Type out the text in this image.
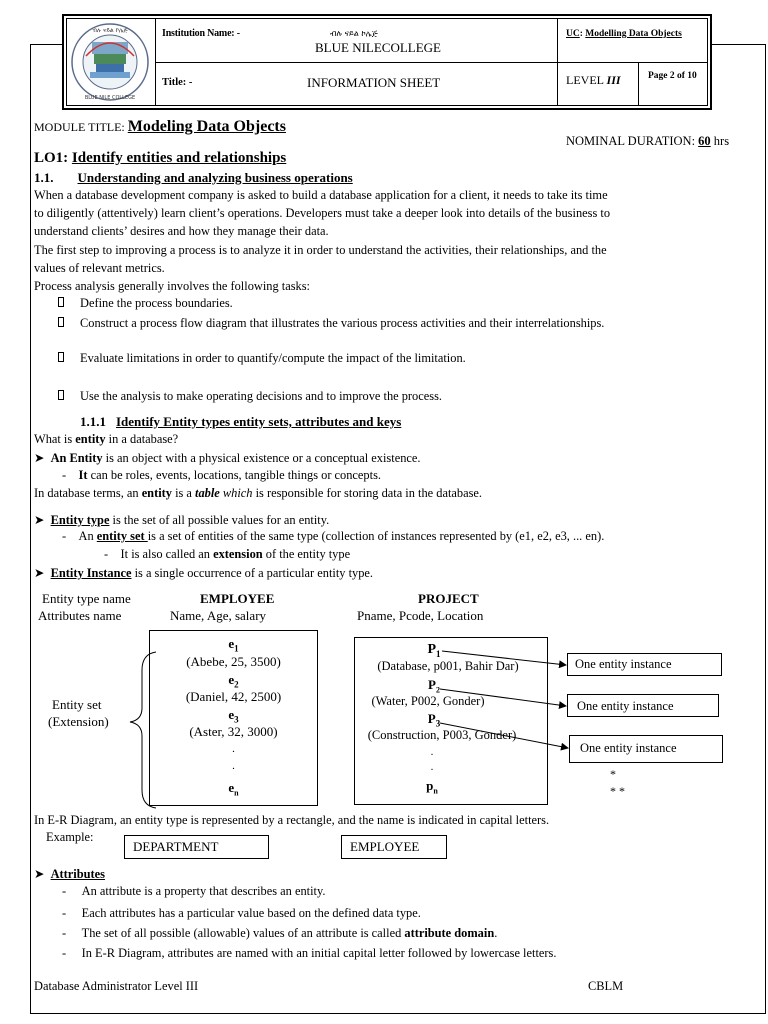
ብሉ ናይል ኮሌጅ
BLUE NILE COLLEGE
Institution Name: -	ብሉ ናይል ኮሌጅ
BLUE NILECOLLEGE
UC: Modelling Data Objects
Title: -	INFORMATION SHEET	LEVEL III	Page 2 of 10
MODULE TITLE: Modeling Data Objects
NOMINAL DURATION: 60 hrs
LO1: Identify entities and relationships
1.1. Understanding and analyzing business operations
When a database development company is asked to build a database application for a client, it needs to take its time
to diligently (attentively) learn client’s operations. Developers must take a deeper look into details of the business to
understand clients’ desires and how they manage their data.
The first step to improving a process is to analyze it in order to understand the activities, their relationships, and the
values of relevant metrics.
Process analysis generally involves the following tasks:
Define the process boundaries.
Construct a process flow diagram that illustrates the various process activities and their interrelationships.
Evaluate limitations in order to quantify/compute the impact of the limitation.
Use the analysis to make operating decisions and to improve the process.
1.1.1 Identify Entity types entity sets, attributes and keys
What is entity in a database?
➤ An Entity is an object with a physical existence or a conceptual existence.
- It can be roles, events, locations, tangible things or concepts.
In database terms, an entity is a table which is responsible for storing data in the database.
➤ Entity type is the set of all possible values for an entity.
-    An entity set is a set of entities of the same type (collection of instances represented by (e1, e2, e3, ... en).
-    It is also called an extension of the entity type
➤ Entity Instance is a single occurrence of a particular entity type.
Entity type name
Attributes name
EMPLOYEE
Name, Age, salary
PROJECT
Pname, Pcode, Location
Entity set
(Extension)
$e_1$
(Abebe, 25, 3500)
$e_2$
(Daniel, 42, 2500)
$e_3$
(Aster, 32, 3000)
.
.
$e_n$
$P_1$
(Database, p001, Bahir Dar)
$P_2$
(Water, P002, Gonder)
$P_3$
(Construction, P003, Gonder)
.
.
$p_n$
One entity instance
One entity instance
One entity instance
*
* *
In E-R Diagram, an entity type is represented by a rectangle, and the name is indicated in capital letters.
Example:
DEPARTMENT	EMPLOYEE
➤ Attributes
-     An attribute is a property that describes an entity.
-     Each attributes has a particular value based on the defined data type.
-     The set of all possible (allowable) values of an attribute is called attribute domain.
-     In E-R Diagram, attributes are named with an initial capital letter followed by lowercase letters.
Database Administrator Level III	CBLM
